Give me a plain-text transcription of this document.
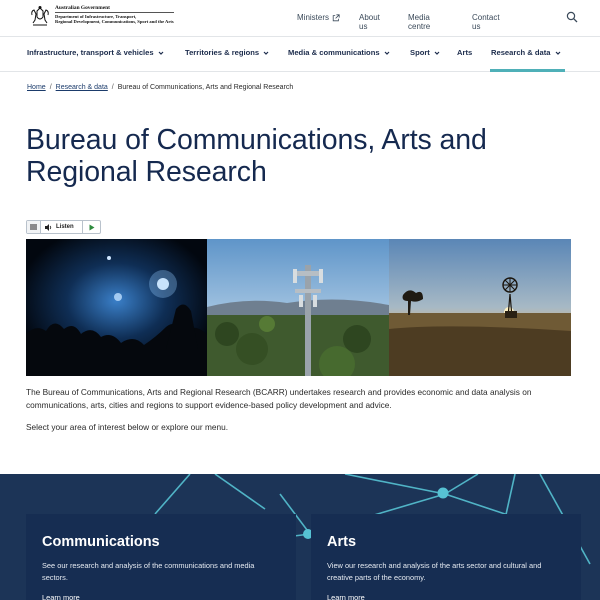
Australian Government
Department of Infrastructure, Transport,
Regional Development, Communications, Sport and the Arts	Ministers	About us
Media centre
Contact us
Infrastructure, transport & vehicles	Territories & regions	Media & communications	Sport	Arts Research & data
Home / Research & data / Bureau of Communications, Arts and Regional Research
Bureau of Communications, Arts and Regional Research
Listen

The Bureau of Communications, Arts and Regional Research (BCARR) undertakes research and provides economic and data analysis on communications, arts, cities and regions to support evidence-based policy development and advice.

Select your area of interest below or explore our menu.

Communications

See our research and analysis of the communications and media sectors.

Learn more
Arts

View our research and analysis of the arts sector and cultural and creative parts of the economy.

Learn more
